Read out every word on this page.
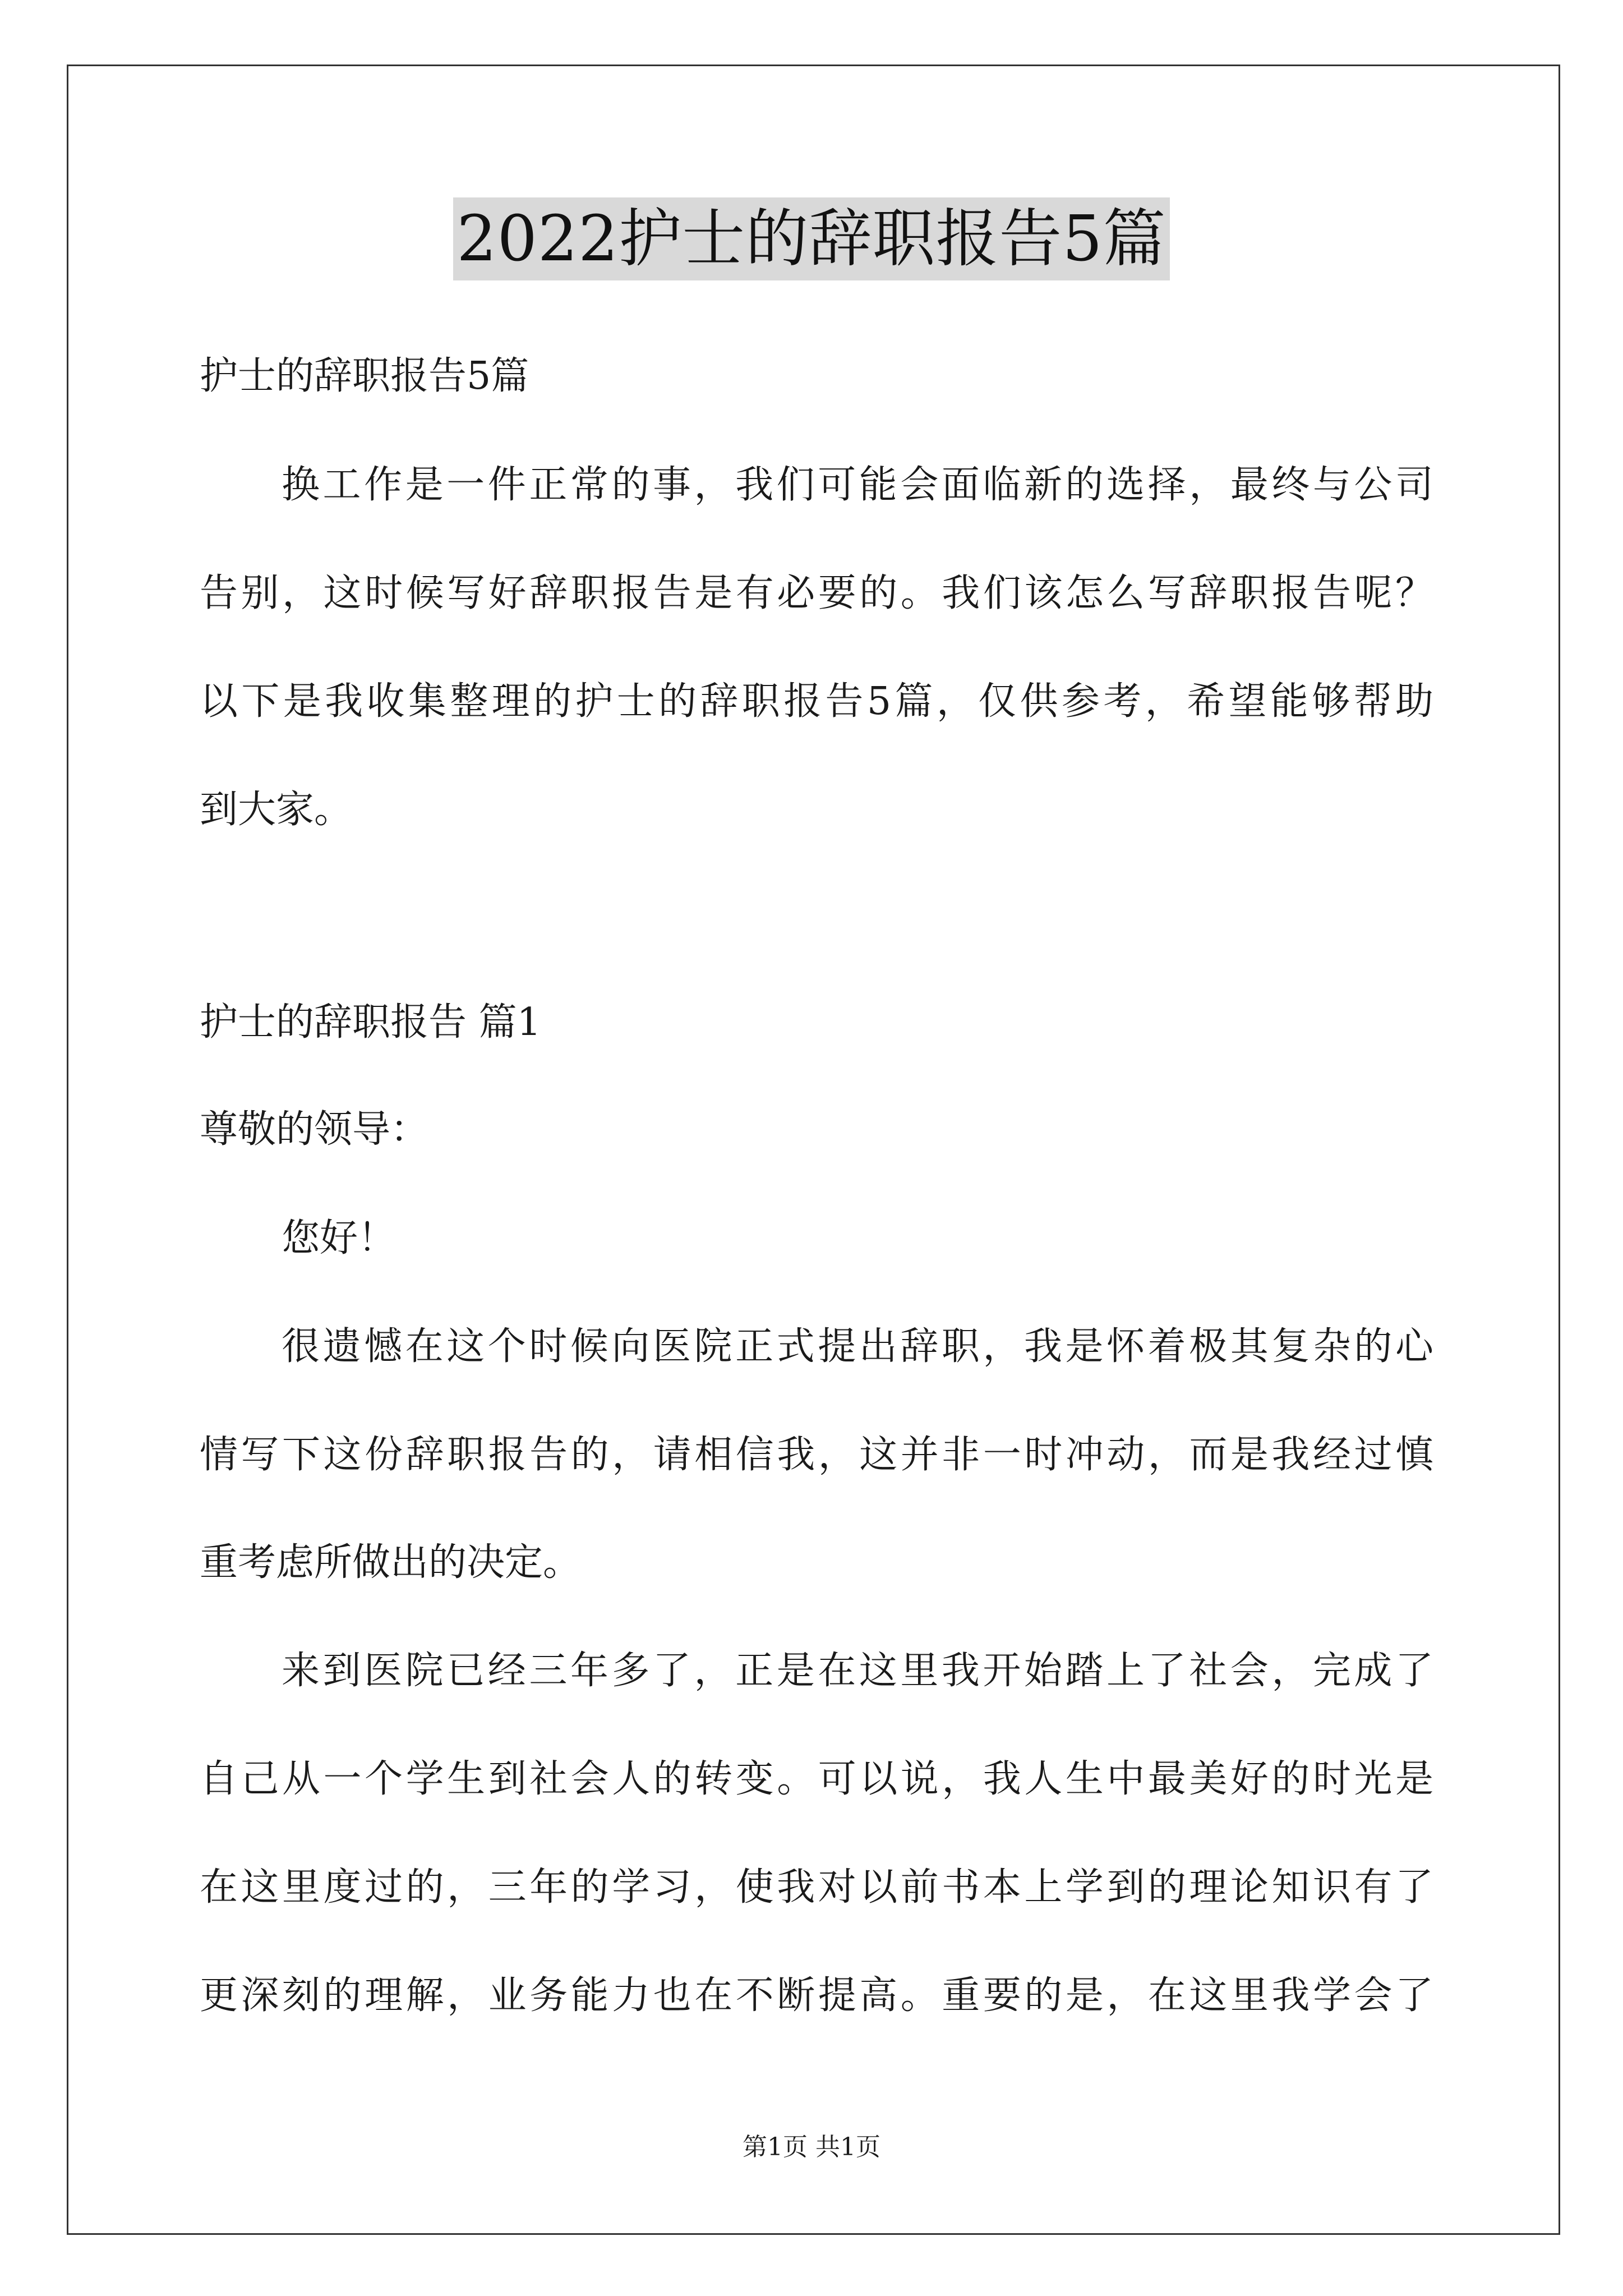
2022护士的辞职报告5篇
护士的辞职报告5篇
换工作是一件正常的事，我们可能会面临新的选择，最终与公司
告别，这时候写好辞职报告是有必要的。我们该怎么写辞职报告呢？
以下是我收集整理的护士的辞职报告5篇，仅供参考，希望能够帮助
到大家。
护士的辞职报告 篇1
尊敬的领导：
您好！
很遗憾在这个时候向医院正式提出辞职，我是怀着极其复杂的心
情写下这份辞职报告的，请相信我，这并非一时冲动，而是我经过慎
重考虑所做出的决定。
来到医院已经三年多了，正是在这里我开始踏上了社会，完成了
自己从一个学生到社会人的转变。可以说，我人生中最美好的时光是
在这里度过的，三年的学习，使我对以前书本上学到的理论知识有了
更深刻的理解，业务能力也在不断提高。重要的是，在这里我学会了
第1页 共1页
